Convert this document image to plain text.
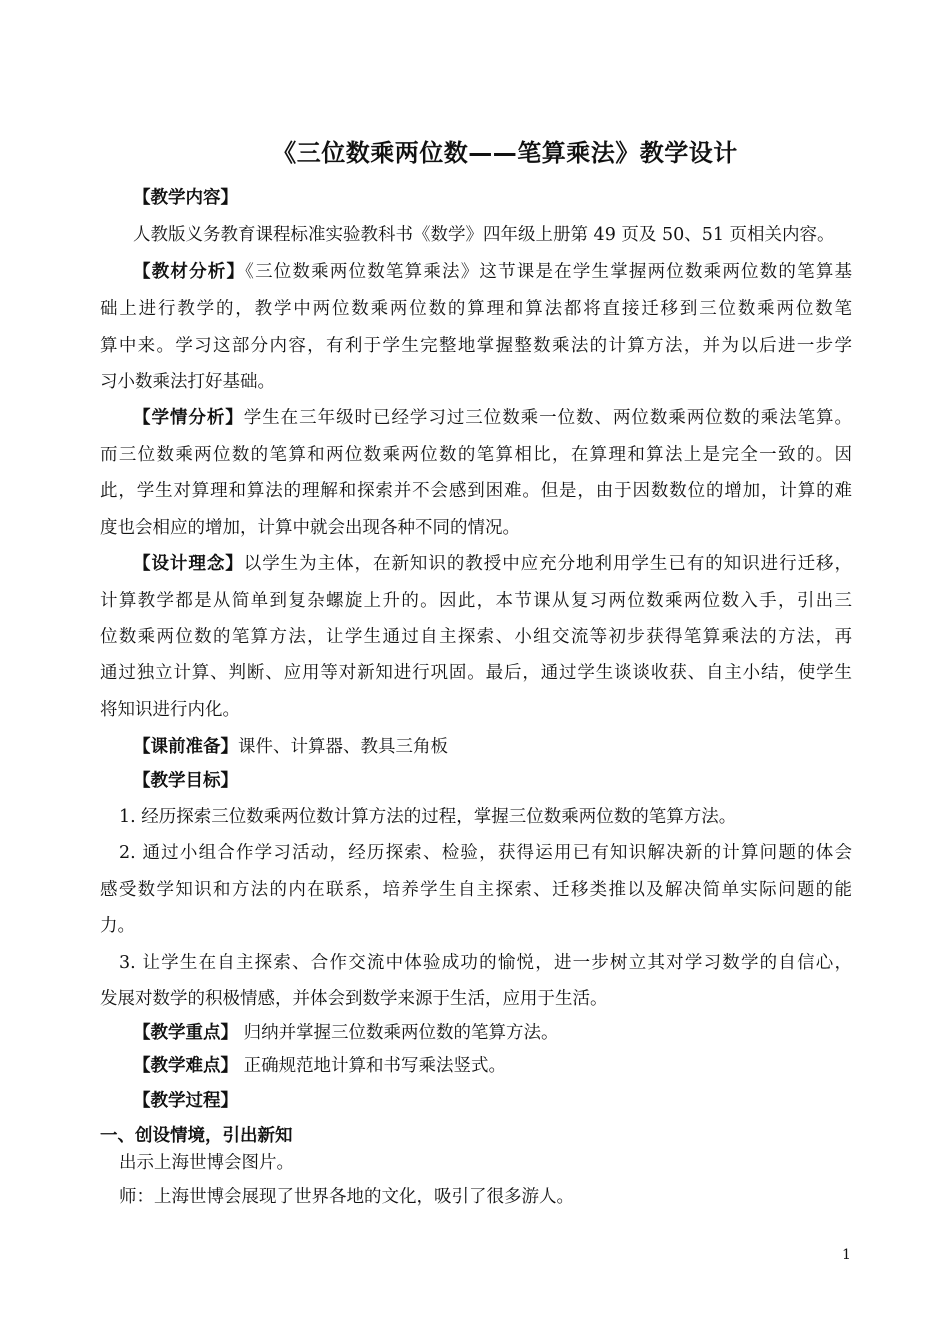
《三位数乘两位数——笔算乘法》教学设计
【教学内容】
人教版义务教育课程标准实验教科书《数学》四年级上册第 49 页及 50、51 页相关内容。
【教材分析】《三位数乘两位数笔算乘法》这节课是在学生掌握两位数乘两位数的笔算基
础上进行教学的，教学中两位数乘两位数的算理和算法都将直接迁移到三位数乘两位数笔
算中来。学习这部分内容，有利于学生完整地掌握整数乘法的计算方法，并为以后进一步学
习小数乘法打好基础。
【学情分析】学生在三年级时已经学习过三位数乘一位数、两位数乘两位数的乘法笔算。
而三位数乘两位数的笔算和两位数乘两位数的笔算相比，在算理和算法上是完全一致的。因
此，学生对算理和算法的理解和探索并不会感到困难。但是，由于因数数位的增加，计算的难
度也会相应的增加，计算中就会出现各种不同的情况。
【设计理念】以学生为主体，在新知识的教授中应充分地利用学生已有的知识进行迁移，
计算教学都是从简单到复杂螺旋上升的。因此，本节课从复习两位数乘两位数入手，引出三
位数乘两位数的笔算方法，让学生通过自主探索、小组交流等初步获得笔算乘法的方法，再
通过独立计算、判断、应用等对新知进行巩固。最后，通过学生谈谈收获、自主小结，使学生
将知识进行内化。
【课前准备】课件、计算器、教具三角板
【教学目标】
1. 经历探索三位数乘两位数计算方法的过程，掌握三位数乘两位数的笔算方法。
2. 通过小组合作学习活动，经历探索、检验，获得运用已有知识解决新的计算问题的体会
感受数学知识和方法的内在联系，培养学生自主探索、迁移类推以及解决简单实际问题的能
力。
3. 让学生在自主探索、合作交流中体验成功的愉悦，进一步树立其对学习数学的自信心，
发展对数学的积极情感，并体会到数学来源于生活，应用于生活。
【教学重点】 归纳并掌握三位数乘两位数的笔算方法。
【教学难点】 正确规范地计算和书写乘法竖式。
【教学过程】
一、创设情境，引出新知
出示上海世博会图片。
师：上海世博会展现了世界各地的文化，吸引了很多游人。
1
